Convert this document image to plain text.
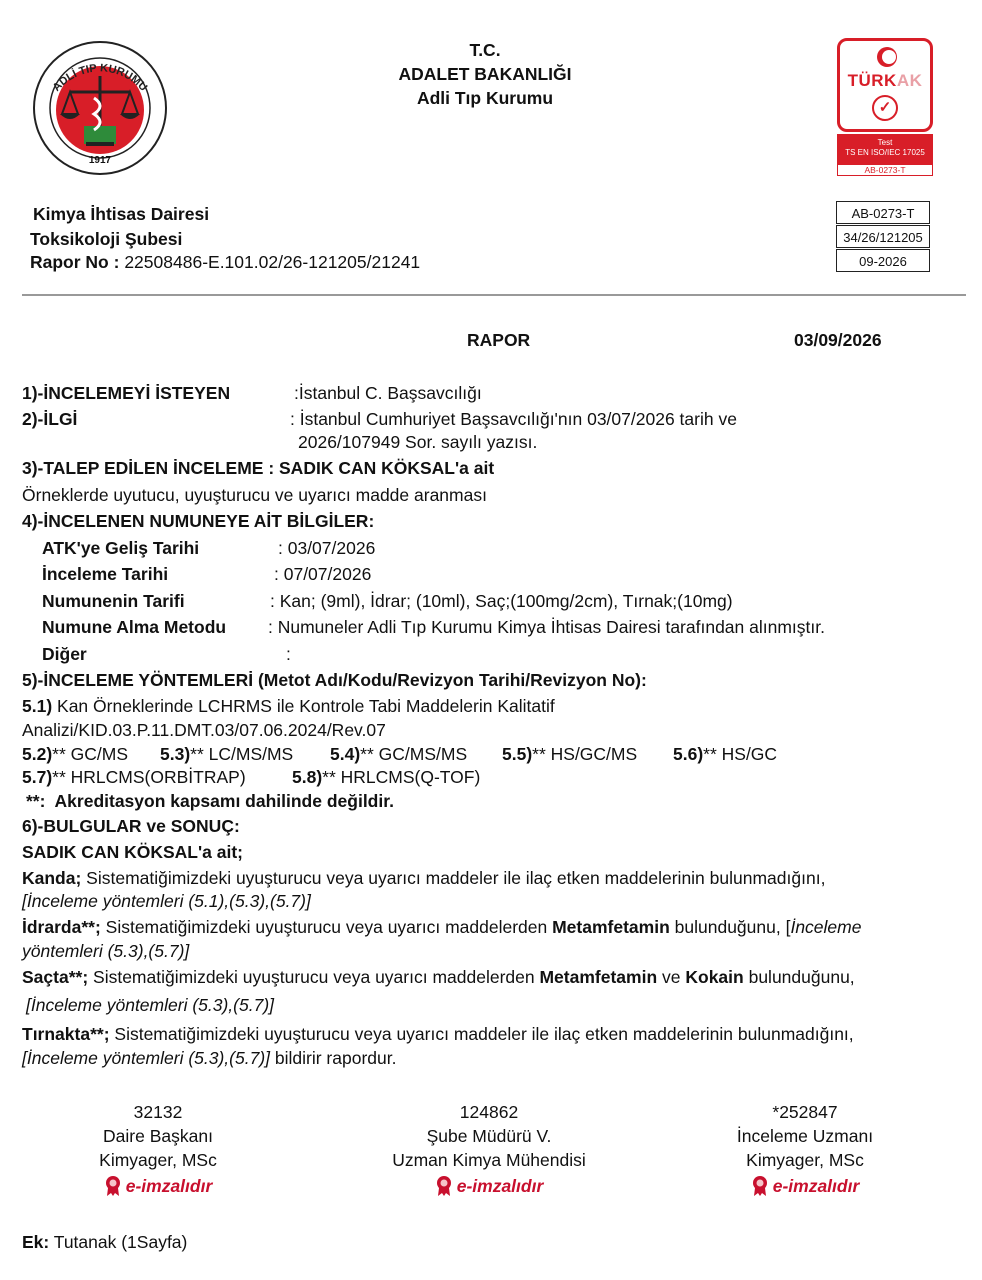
ADLİ TIP KURUMU
1917
T.C.
ADALET BAKANLIĞI
Adli Tıp Kurumu
TÜRKAK
✓
Test
TS EN ISO/IEC 17025
AB-0273-T
Kimya İhtisas Dairesi
Toksikoloji Şubesi
Rapor No : 22508486-E.101.02/26-121205/21241
AB-0273-T
34/26/121205
09-2026
RAPOR	03/09/2026
1)-İNCELEMEYİ İSTEYEN	:İstanbul C. Başsavcılığı
2)-İLGİ	: İstanbul Cumhuriyet Başsavcılığı'nın 03/07/2026 tarih ve
2026/107949 Sor. sayılı yazısı.
3)-TALEP EDİLEN İNCELEME : SADIK CAN KÖKSAL'a ait
Örneklerde uyutucu, uyuşturucu ve uyarıcı madde aranması
4)-İNCELENEN NUMUNEYE AİT BİLGİLER:
ATK'ye Geliş Tarihi	: 03/07/2026
İnceleme Tarihi	: 07/07/2026
Numunenin Tarifi	: Kan; (9ml), İdrar; (10ml), Saç;(100mg/2cm), Tırnak;(10mg)
Numune Alma Metodu : Numuneler Adli Tıp Kurumu Kimya İhtisas Dairesi tarafından alınmıştır.
Diğer	:
5)-İNCELEME YÖNTEMLERİ (Metot Adı/Kodu/Revizyon Tarihi/Revizyon No):
5.1) Kan Örneklerinde LCHRMS ile Kontrole Tabi Maddelerin Kalitatif
Analizi/KID.03.P.11.DMT.03/07.06.2024/Rev.07
5.2)** GC/MS 5.3)** LC/MS/MS 5.4)** GC/MS/MS 5.5)** HS/GC/MS 5.6)** HS/GC
5.7)** HRLCMS(ORBİTRAP)	5.8)** HRLCMS(Q-TOF)
**: Akreditasyon kapsamı dahilinde değildir.
6)-BULGULAR ve SONUÇ:
SADIK CAN KÖKSAL'a ait;
Kanda; Sistematiğimizdeki uyuşturucu veya uyarıcı maddeler ile ilaç etken maddelerinin bulunmadığını,
[İnceleme yöntemleri (5.1),(5.3),(5.7)]
İdrarda**; Sistematiğimizdeki uyuşturucu veya uyarıcı maddelerden Metamfetamin bulunduğunu, [İnceleme
yöntemleri (5.3),(5.7)]
Saçta**; Sistematiğimizdeki uyuşturucu veya uyarıcı maddelerden Metamfetamin ve Kokain bulunduğunu,
[İnceleme yöntemleri (5.3),(5.7)]
Tırnakta**; Sistematiğimizdeki uyuşturucu veya uyarıcı maddeler ile ilaç etken maddelerinin bulunmadığını,
[İnceleme yöntemleri (5.3),(5.7)] bildirir rapordur.
32132
Daire Başkanı
Kimyager, MSc
e-imzalıdır
124862
Şube Müdürü V.
Uzman Kimya Mühendisi
e-imzalıdır
*252847
İnceleme Uzmanı
Kimyager, MSc
e-imzalıdır
Ek: Tutanak (1Sayfa)
